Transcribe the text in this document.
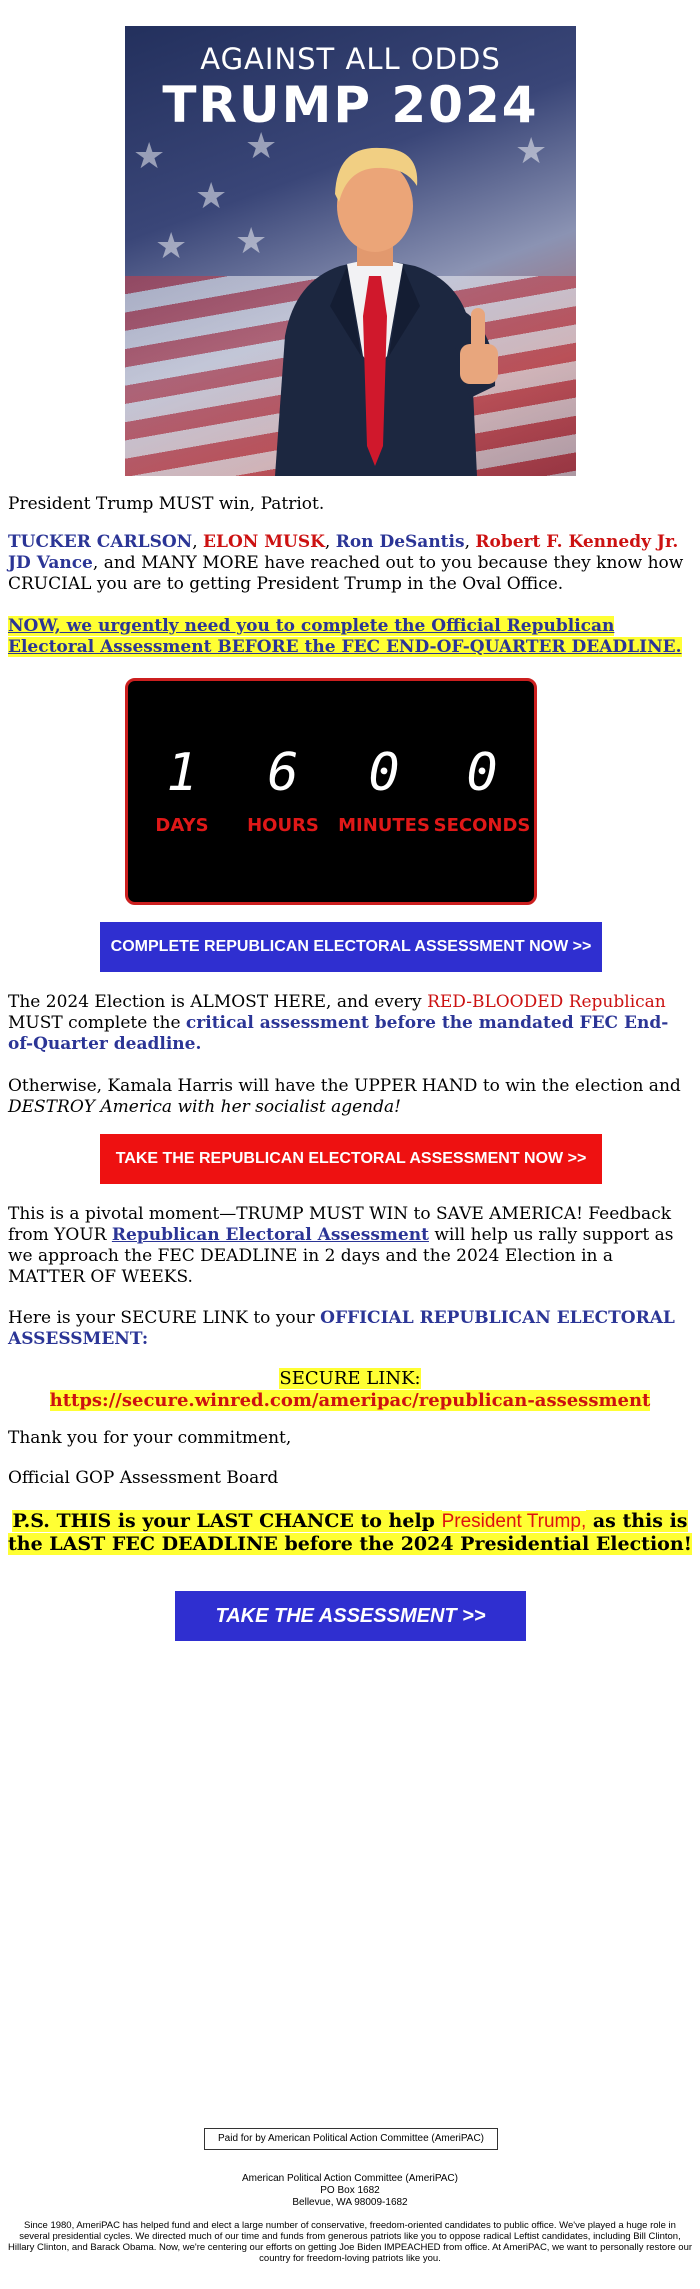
★
★
★
★ ★
★
AGAINST ALL ODDS
TRUMP 2024
President Trump MUST win, Patriot.
TUCKER CARLSON, ELON MUSK, Ron DeSantis, Robert F. Kennedy Jr. JD Vance, and MANY MORE have reached out to you because they know how CRUCIAL you are to getting President Trump in the Oval Office.
NOW, we urgently need you to complete the Official Republican Electoral Assessment BEFORE the FEC END-OF-QUARTER DEADLINE.
1
DAYS
6
HOURS
0
MINUTES
0
SECONDS
COMPLETE REPUBLICAN ELECTORAL ASSESSMENT NOW >>
The 2024 Election is ALMOST HERE, and every RED-BLOODED Republican MUST complete the critical assessment before the mandated FEC End-of-Quarter deadline.
Otherwise, Kamala Harris will have the UPPER HAND to win the election and DESTROY America with her socialist agenda!
TAKE THE REPUBLICAN ELECTORAL ASSESSMENT NOW >>
This is a pivotal moment—TRUMP MUST WIN to SAVE AMERICA! Feedback from YOUR Republican Electoral Assessment will help us rally support as we approach the FEC DEADLINE in 2 days and the 2024 Election in a MATTER OF WEEKS.
Here is your SECURE LINK to your OFFICIAL REPUBLICAN ELECTORAL ASSESSMENT:
SECURE LINK:
https://secure.winred.com/ameripac/republican-assessment
Thank you for your commitment,
Official GOP Assessment Board
P.S. THIS is your LAST CHANCE to help President Trump, as this is the LAST FEC DEADLINE before the 2024 Presidential Election!
TAKE THE ASSESSMENT >>
Paid for by American Political Action Committee (AmeriPAC)
American Political Action Committee (AmeriPAC)
PO Box 1682
Bellevue, WA 98009-1682
Since 1980, AmeriPAC has helped fund and elect a large number of conservative, freedom-oriented candidates to public office. We've played a huge role in several presidential cycles. We directed much of our time and funds from generous patriots like you to oppose radical Leftist candidates, including Bill Clinton, Hillary Clinton, and Barack Obama. Now, we're centering our efforts on getting Joe Biden IMPEACHED from office. At AmeriPAC, we want to personally restore our country for freedom-loving patriots like you.
